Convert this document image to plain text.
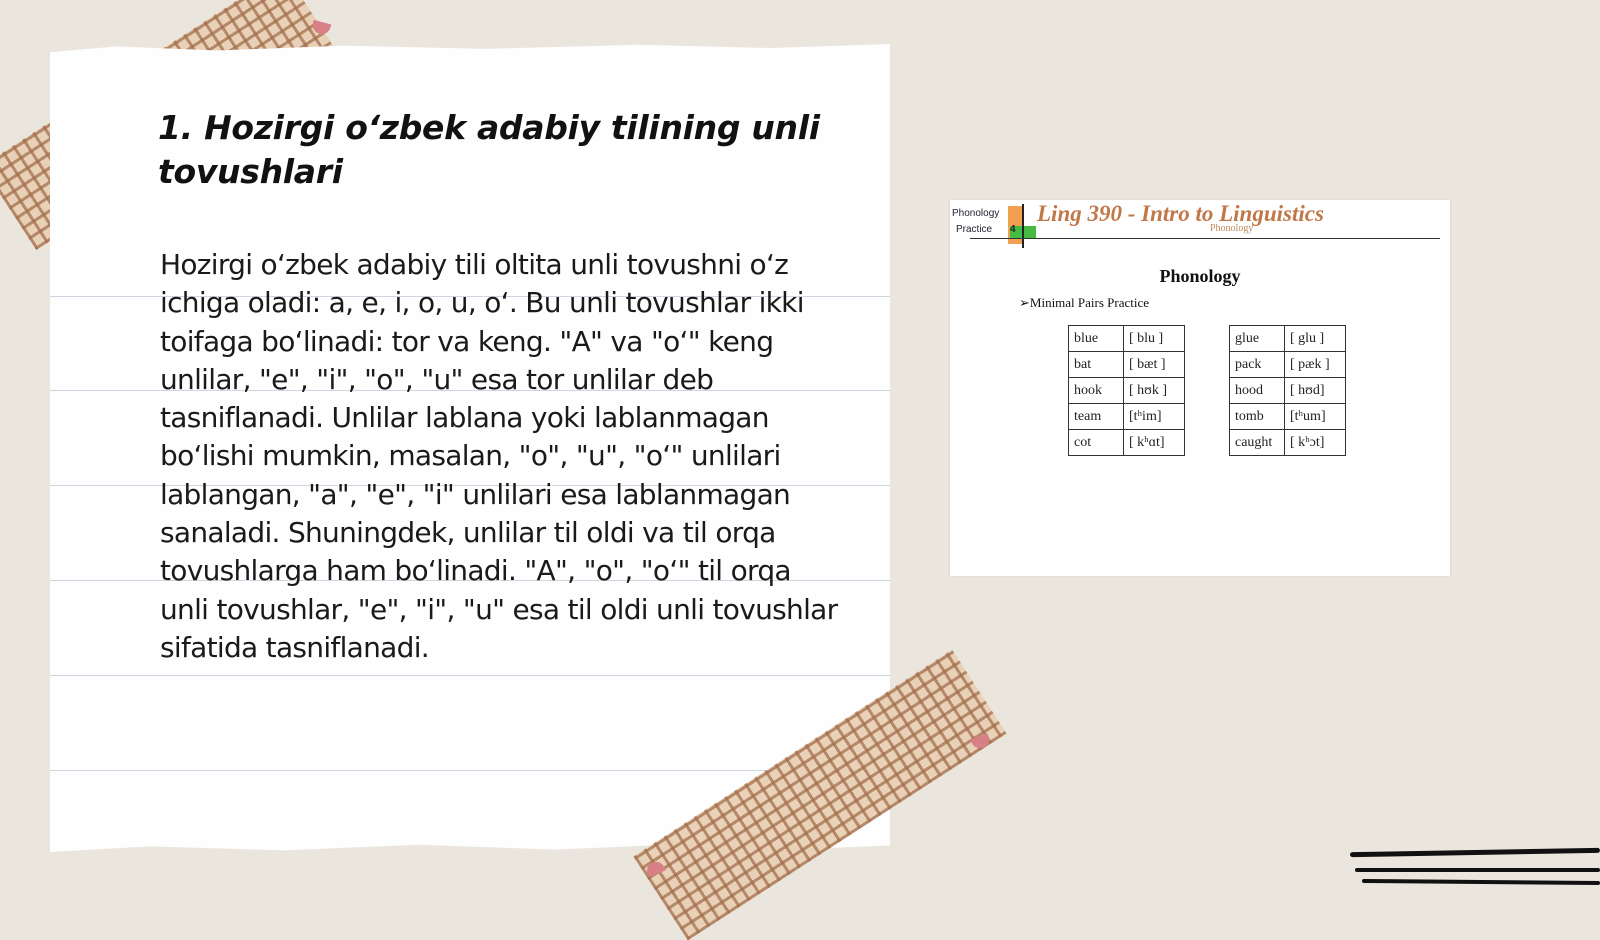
1. Hozirgi o‘zbek adabiy tilining unli tovushlari

Hozirgi o‘zbek adabiy tili oltita unli tovushni o‘z ichiga oladi: a, e, i, o, u, o‘. Bu unli tovushlar ikki toifaga bo‘linadi: tor va keng. "A" va "o‘" keng unlilar, "e", "i", "o", "u" esa tor unlilar deb tasniflanadi. Unlilar lablana yoki lablanmagan bo‘lishi mumkin, masalan, "o", "u", "o‘" unlilari lablangan, "a", "e", "i" unlilari esa lablanmagan sanaladi. Shuningdek, unlilar til oldi va til orqa tovushlarga ham bo‘linadi. "A", "o", "o‘" til orqa unli tovushlar, "e", "i", "u" esa til oldi unli tovushlar sifatida tasniflanadi.

Phonology
Practice 4
Ling 390 - Intro to Linguistics
Phonology
Phonology
➢Minimal Pairs Practice
blue	[ blu ]
bat	[ bæt ]
hook	[ hʊk ]
team	[tʰim]
cot	[ kʰɑt]
glue	[ glu ]
pack	[ pæk ]
hood	[ hʊd]
tomb	[tʰum]
caught	[ kʰɔt]
